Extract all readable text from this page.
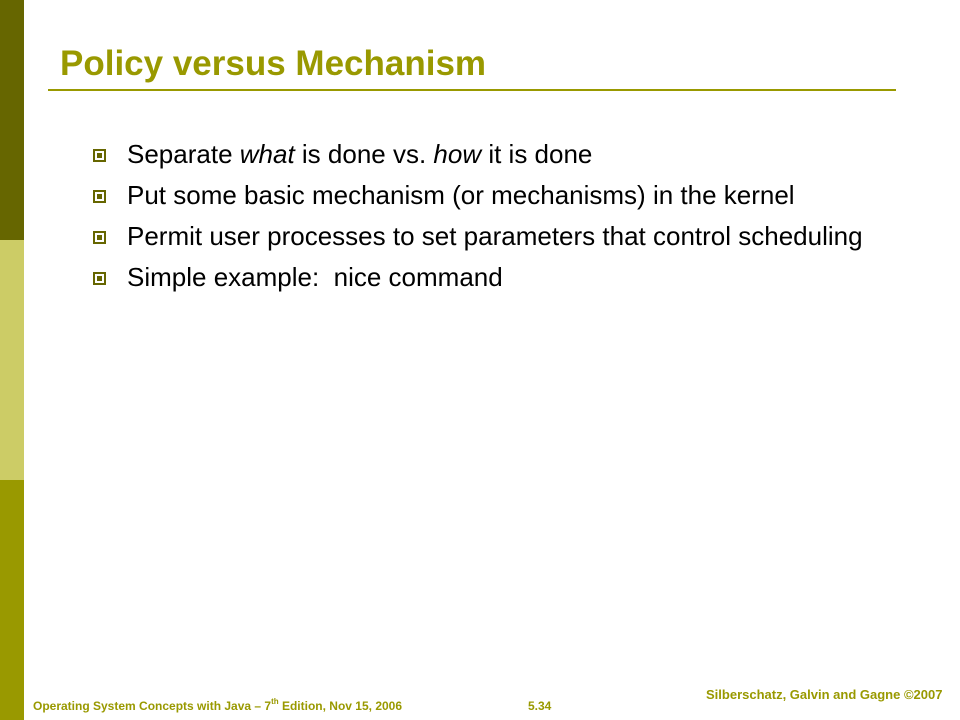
Policy versus Mechanism
Separate what is done vs. how it is done
Put some basic mechanism (or mechanisms) in the kernel
Permit user processes to set parameters that control scheduling
Simple example:  nice command
Operating System Concepts with Java – 7th Edition, Nov 15, 2006	5.34
Silberschatz, Galvin and Gagne ©2007
